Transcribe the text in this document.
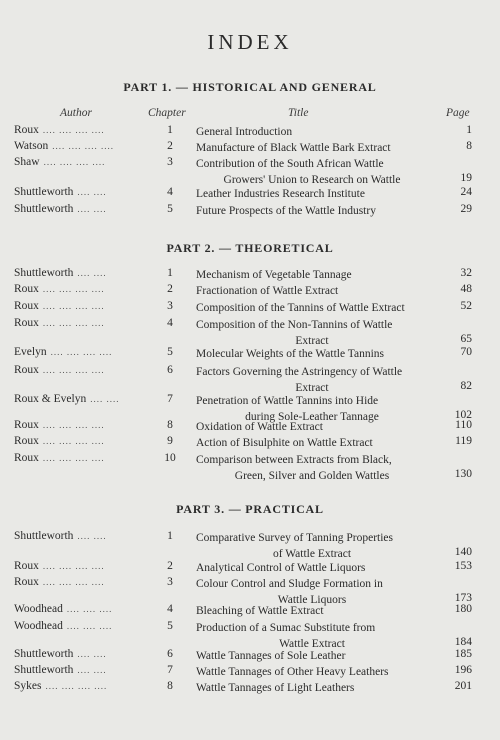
INDEX
PART 1. — HISTORICAL AND GENERAL
Author	Chapter	Title	Page
Roux .... .... .... ....	1	General Introduction	1
Watson .... .... .... ....	2	Manufacture of Black Wattle Bark Extract	8
Shaw .... .... .... ....	3	Contribution of the South African Wattle
Growers' Union to Research on Wattle	19
Shuttleworth .... ....	4	Leather Industries Research Institute	24
Shuttleworth .... ....	5	Future Prospects of the Wattle Industry	29
PART 2. — THEORETICAL
Shuttleworth .... ....	1	Mechanism of Vegetable Tannage	32
Roux .... .... .... ....	2	Fractionation of Wattle Extract	48
Roux .... .... .... ....	3	Composition of the Tannins of Wattle Extract	52
Roux .... .... .... ....	4	Composition of the Non-Tannins of Wattle
Extract	65
Evelyn .... .... .... ....	5	Molecular Weights of the Wattle Tannins	70
Roux .... .... .... ....	6	Factors Governing the Astringency of Wattle
Extract	82
Roux & Evelyn .... ....	7	Penetration of Wattle Tannins into Hide
during Sole-Leather Tannage	102
Roux .... .... .... ....	8	Oxidation of Wattle Extract	110
Roux .... .... .... ....	9	Action of Bisulphite on Wattle Extract	119
Roux .... .... .... ....	10	Comparison between Extracts from Black,
Green, Silver and Golden Wattles	130
PART 3. — PRACTICAL
Shuttleworth .... ....	1	Comparative Survey of Tanning Properties
of Wattle Extract	140
Roux .... .... .... ....	2	Analytical Control of Wattle Liquors	153
Roux .... .... .... ....	3	Colour Control and Sludge Formation in
Wattle Liquors	173
Woodhead .... .... ....	4	Bleaching of Wattle Extract	180
Woodhead .... .... ....	5	Production of a Sumac Substitute from
Wattle Extract	184
Shuttleworth .... ....	6	Wattle Tannages of Sole Leather	185
Shuttleworth .... ....	7	Wattle Tannages of Other Heavy Leathers	196
Sykes .... .... .... ....	8	Wattle Tannages of Light Leathers	201
